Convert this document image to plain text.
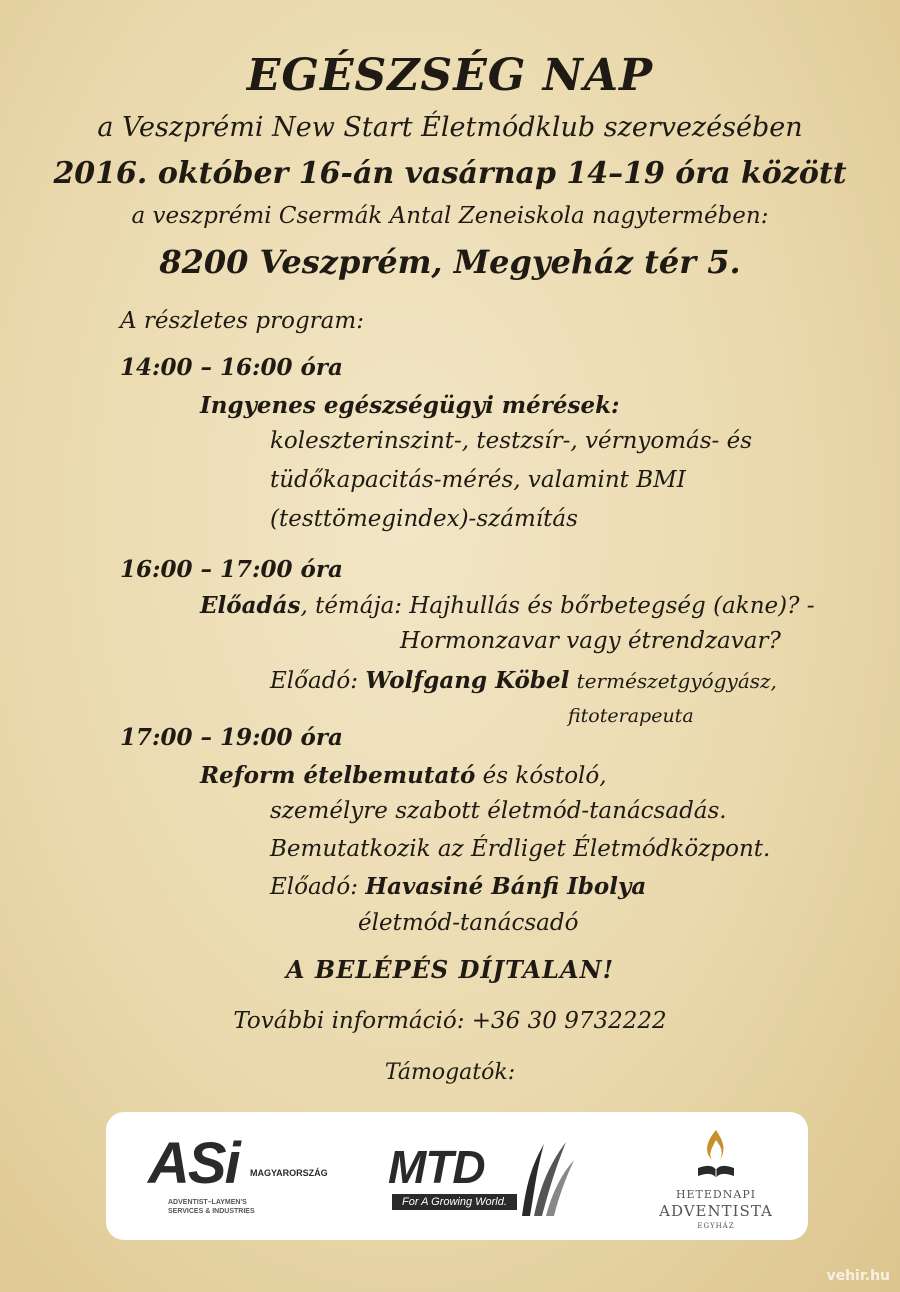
EGÉSZSÉG NAP
a Veszprémi New Start Életmódklub szervezésében
2016. október 16-án vasárnap 14–19 óra között
a veszprémi Csermák Antal Zeneiskola nagytermében:
8200 Veszprém, Megyeház tér 5.
A részletes program:
14:00 – 16:00 óra
Ingyenes egészségügyi mérések:
koleszterinszint-, testzsír-, vérnyomás- és
tüdőkapacitás-mérés, valamint BMI
(testtömegindex)-számítás
16:00 – 17:00 óra
Előadás, témája: Hajhullás és bőrbetegség (akne)? -
Hormonzavar vagy étrendzavar?
Előadó: Wolfgang Köbel természetgyógyász,
fitoterapeuta
17:00 – 19:00 óra
Reform ételbemutató és kóstoló,
személyre szabott életmód-tanácsadás.
Bemutatkozik az Érdliget Életmódközpont.
Előadó: Havasiné Bánfi Ibolya
életmód-tanácsadó
A BELÉPÉS DÍJTALAN!
További információ: +36 30 9732222
Támogatók:
ASi MAGYARORSZÁG
ADVENTIST–LAYMEN'S
SERVICES & INDUSTRIES
MTD
For A Growing World.
HETEDNAPI
ADVENTISTA
EGYHÁZ
vehir.hu
